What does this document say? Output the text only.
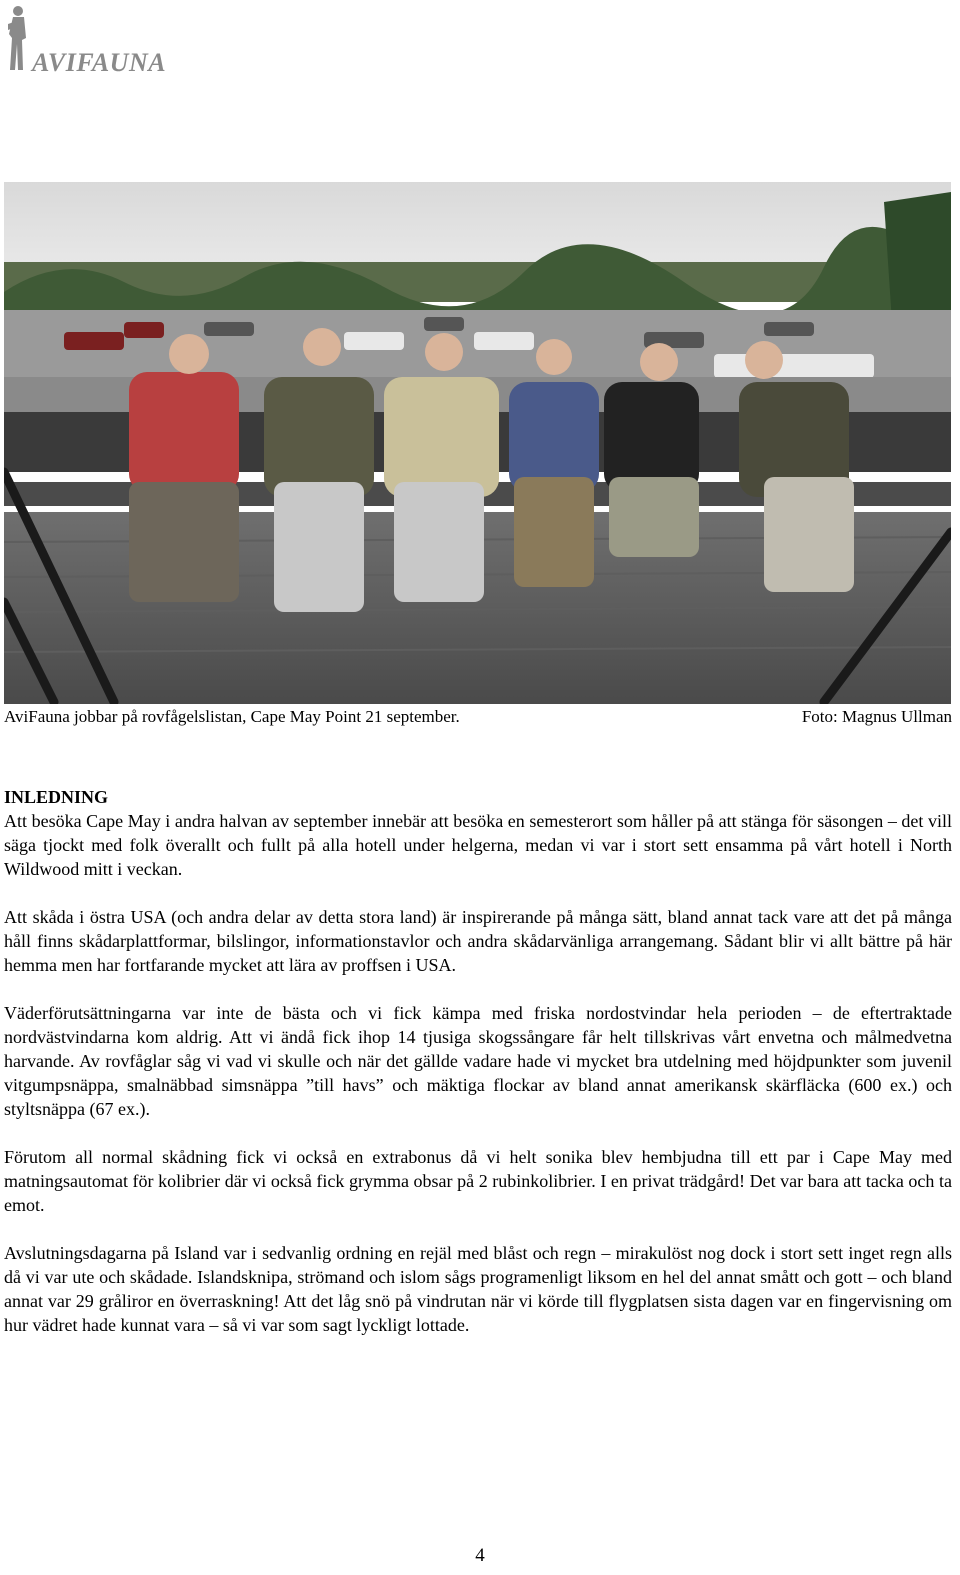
AVIFAUNA
AviFauna jobbar på rovfågelslistan, Cape May Point 21 september.	Foto: Magnus Ullman
INLEDNING

Att besöka Cape May i andra halvan av september innebär att besöka en semesterort som håller på att stänga för säsongen – det vill säga tjockt med folk överallt och fullt på alla hotell under helgerna, medan vi var i stort sett ensamma på vårt hotell i North Wildwood mitt i veckan.

Att skåda i östra USA (och andra delar av detta stora land) är inspirerande på många sätt, bland annat tack vare att det på många håll finns skådarplattformar, bilslingor, informationstavlor och andra skådarvänliga arrangemang. Sådant blir vi allt bättre på här hemma men har fortfarande mycket att lära av proffsen i USA.

Väderförutsättningarna var inte de bästa och vi fick kämpa med friska nordostvindar hela perioden – de eftertraktade nordvästvindarna kom aldrig. Att vi ändå fick ihop 14 tjusiga skogssångare får helt tillskrivas vårt envetna och målmedvetna harvande. Av rovfåglar såg vi vad vi skulle och när det gällde vadare hade vi mycket bra utdelning med höjdpunkter som juvenil vitgumpsnäppa, smalnäbbad simsnäppa ”till havs” och mäktiga flockar av bland annat amerikansk skärfläcka (600 ex.) och styltsnäppa (67 ex.).

Förutom all normal skådning fick vi också en extrabonus då vi helt sonika blev hembjudna till ett par i Cape May med matningsautomat för kolibrier där vi också fick grymma obsar på 2 rubinkolibrier. I en privat trädgård! Det var bara att tacka och ta emot.

Avslutningsdagarna på Island var i sedvanlig ordning en rejäl med blåst och regn – mirakulöst nog dock i stort sett inget regn alls då vi var ute och skådade. Islandsknipa, strömand och islom sågs programenligt liksom en hel del annat smått och gott – och bland annat var 29 gråliror en överraskning! Att det låg snö på vindrutan när vi körde till flygplatsen sista dagen var en fingervisning om hur vädret hade kunnat vara – så vi var som sagt lyckligt lottade.

4
